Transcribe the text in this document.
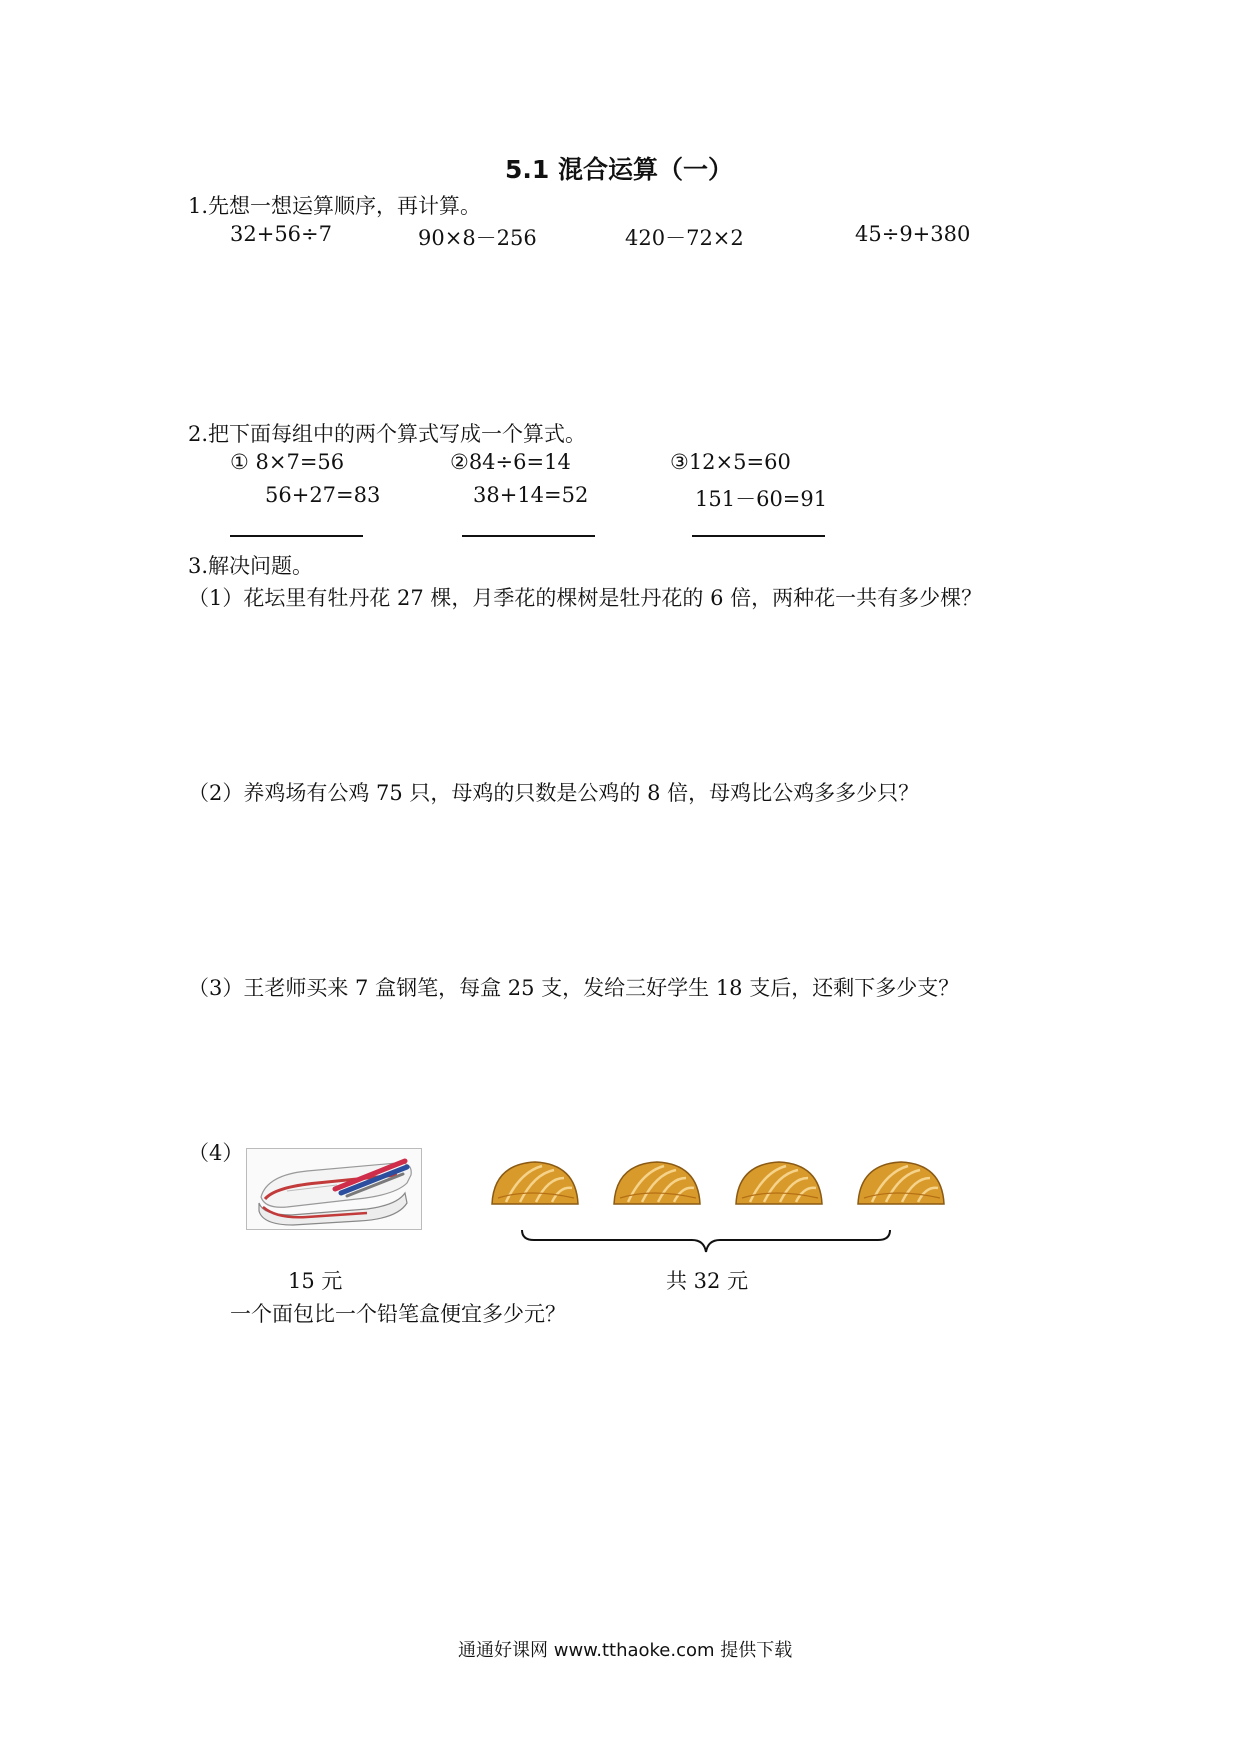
5.1 混合运算（一）
1.先想一想运算顺序，再计算。
32+56÷7	90×8－256	420－72×2	45÷9+380
2.把下面每组中的两个算式写成一个算式。
① 8×7=56
56+27=83
②84÷6=14
38+14=52
③12×5=60
151－60=91
3.解决问题。
（1）花坛里有牡丹花 27 棵，月季花的棵树是牡丹花的 6 倍，两种花一共有多少棵？
（2）养鸡场有公鸡 75 只，母鸡的只数是公鸡的 8 倍，母鸡比公鸡多多少只？
（3）王老师买来 7 盒钢笔，每盒 25 支，发给三好学生 18 支后，还剩下多少支？
（4）
15 元	共 32 元
一个面包比一个铅笔盒便宜多少元？
通通好课网 www.tthaoke.com 提供下载
